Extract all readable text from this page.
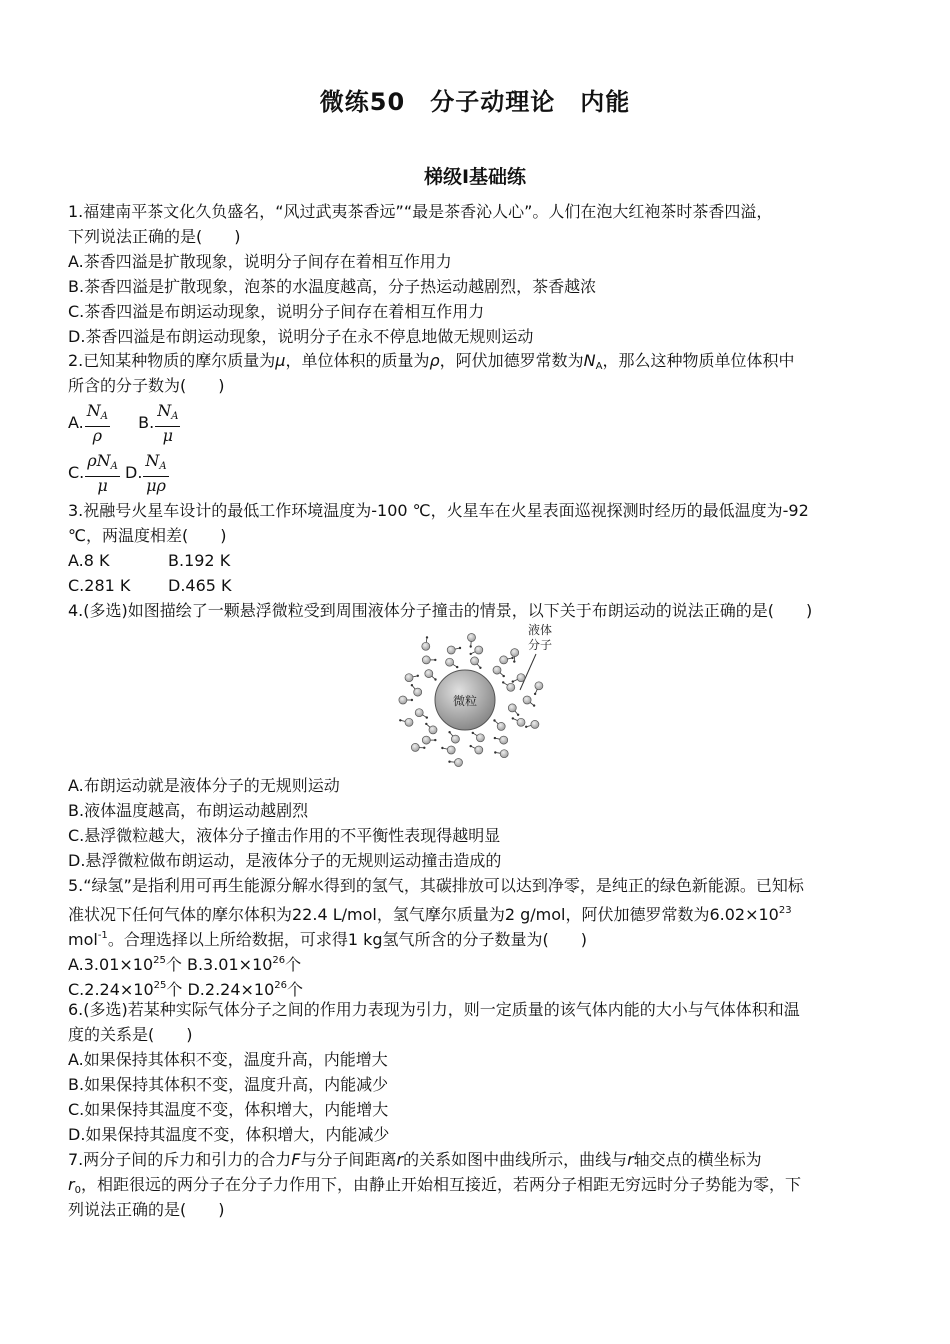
微练50　分子动理论　内能
梯级Ⅰ基础练
1.福建南平茶文化久负盛名，“风过武夷茶香远”“最是茶香沁人心”。人们在泡大红袍茶时茶香四溢，
下列说法正确的是(　　)
A.茶香四溢是扩散现象，说明分子间存在着相互作用力
B.茶香四溢是扩散现象，泡茶的水温度越高，分子热运动越剧烈，茶香越浓
C.茶香四溢是布朗运动现象，说明分子间存在着相互作用力
D.茶香四溢是布朗运动现象，说明分子在永不停息地做无规则运动
2.已知某种物质的摩尔质量为μ，单位体积的质量为ρ，阿伏加德罗常数为$N_A$，那么这种物质单位体积中
所含的分子数为(　　)
A. $\frac{NA}{\rho} B$. $\frac{NA}{\mu}$
C. $\frac{\text{ρNA}}{\mu} D$. $\frac{NA}{\mu\rho}$
3.祝融号火星车设计的最低工作环境温度为-100 ℃，火星车在火星表面巡视探测时经历的最低温度为-92
℃，两温度相差(　　)
A.8 K	B.192 K
C.281 K D.465 K
4.(多选)如图描绘了一颗悬浮微粒受到周围液体分子撞击的情景，以下关于布朗运动的说法正确的是(　　)
微粒
液体
分子
A.布朗运动就是液体分子的无规则运动
B.液体温度越高，布朗运动越剧烈
C.悬浮微粒越大，液体分子撞击作用的不平衡性表现得越明显
D.悬浮微粒做布朗运动，是液体分子的无规则运动撞击造成的
5.“绿氢”是指利用可再生能源分解水得到的氢气，其碳排放可以达到净零，是纯正的绿色新能源。已知标
准状况下任何气体的摩尔体积为22.4 L/mol，氢气摩尔质量为2 g/mol，阿伏加德罗常数为$6.02\times 10^{23}$
mol$^{-1}$。合理选择以上所给数据，可求得1 kg氢气所含的分子数量为(　　)
$A.3.01\times 10^{25}$个 $B.3.01\times 10^{26}$个
$C.2.24\times 10^{25}$个 $D.2.24\times 10^{26}$个
6.(多选)若某种实际气体分子之间的作用力表现为引力，则一定质量的该气体内能的大小与气体体积和温
度的关系是(　　)
A.如果保持其体积不变，温度升高，内能增大
B.如果保持其体积不变，温度升高，内能减少
C.如果保持其温度不变，体积增大，内能增大
D.如果保持其温度不变，体积增大，内能减少
7.两分子间的斥力和引力的合力F与分子间距离r的关系如图中曲线所示，曲线与r轴交点的横坐标为
$r_0$，相距很远的两分子在分子力作用下，由静止开始相互接近，若两分子相距无穷远时分子势能为零，下
列说法正确的是(　　)
